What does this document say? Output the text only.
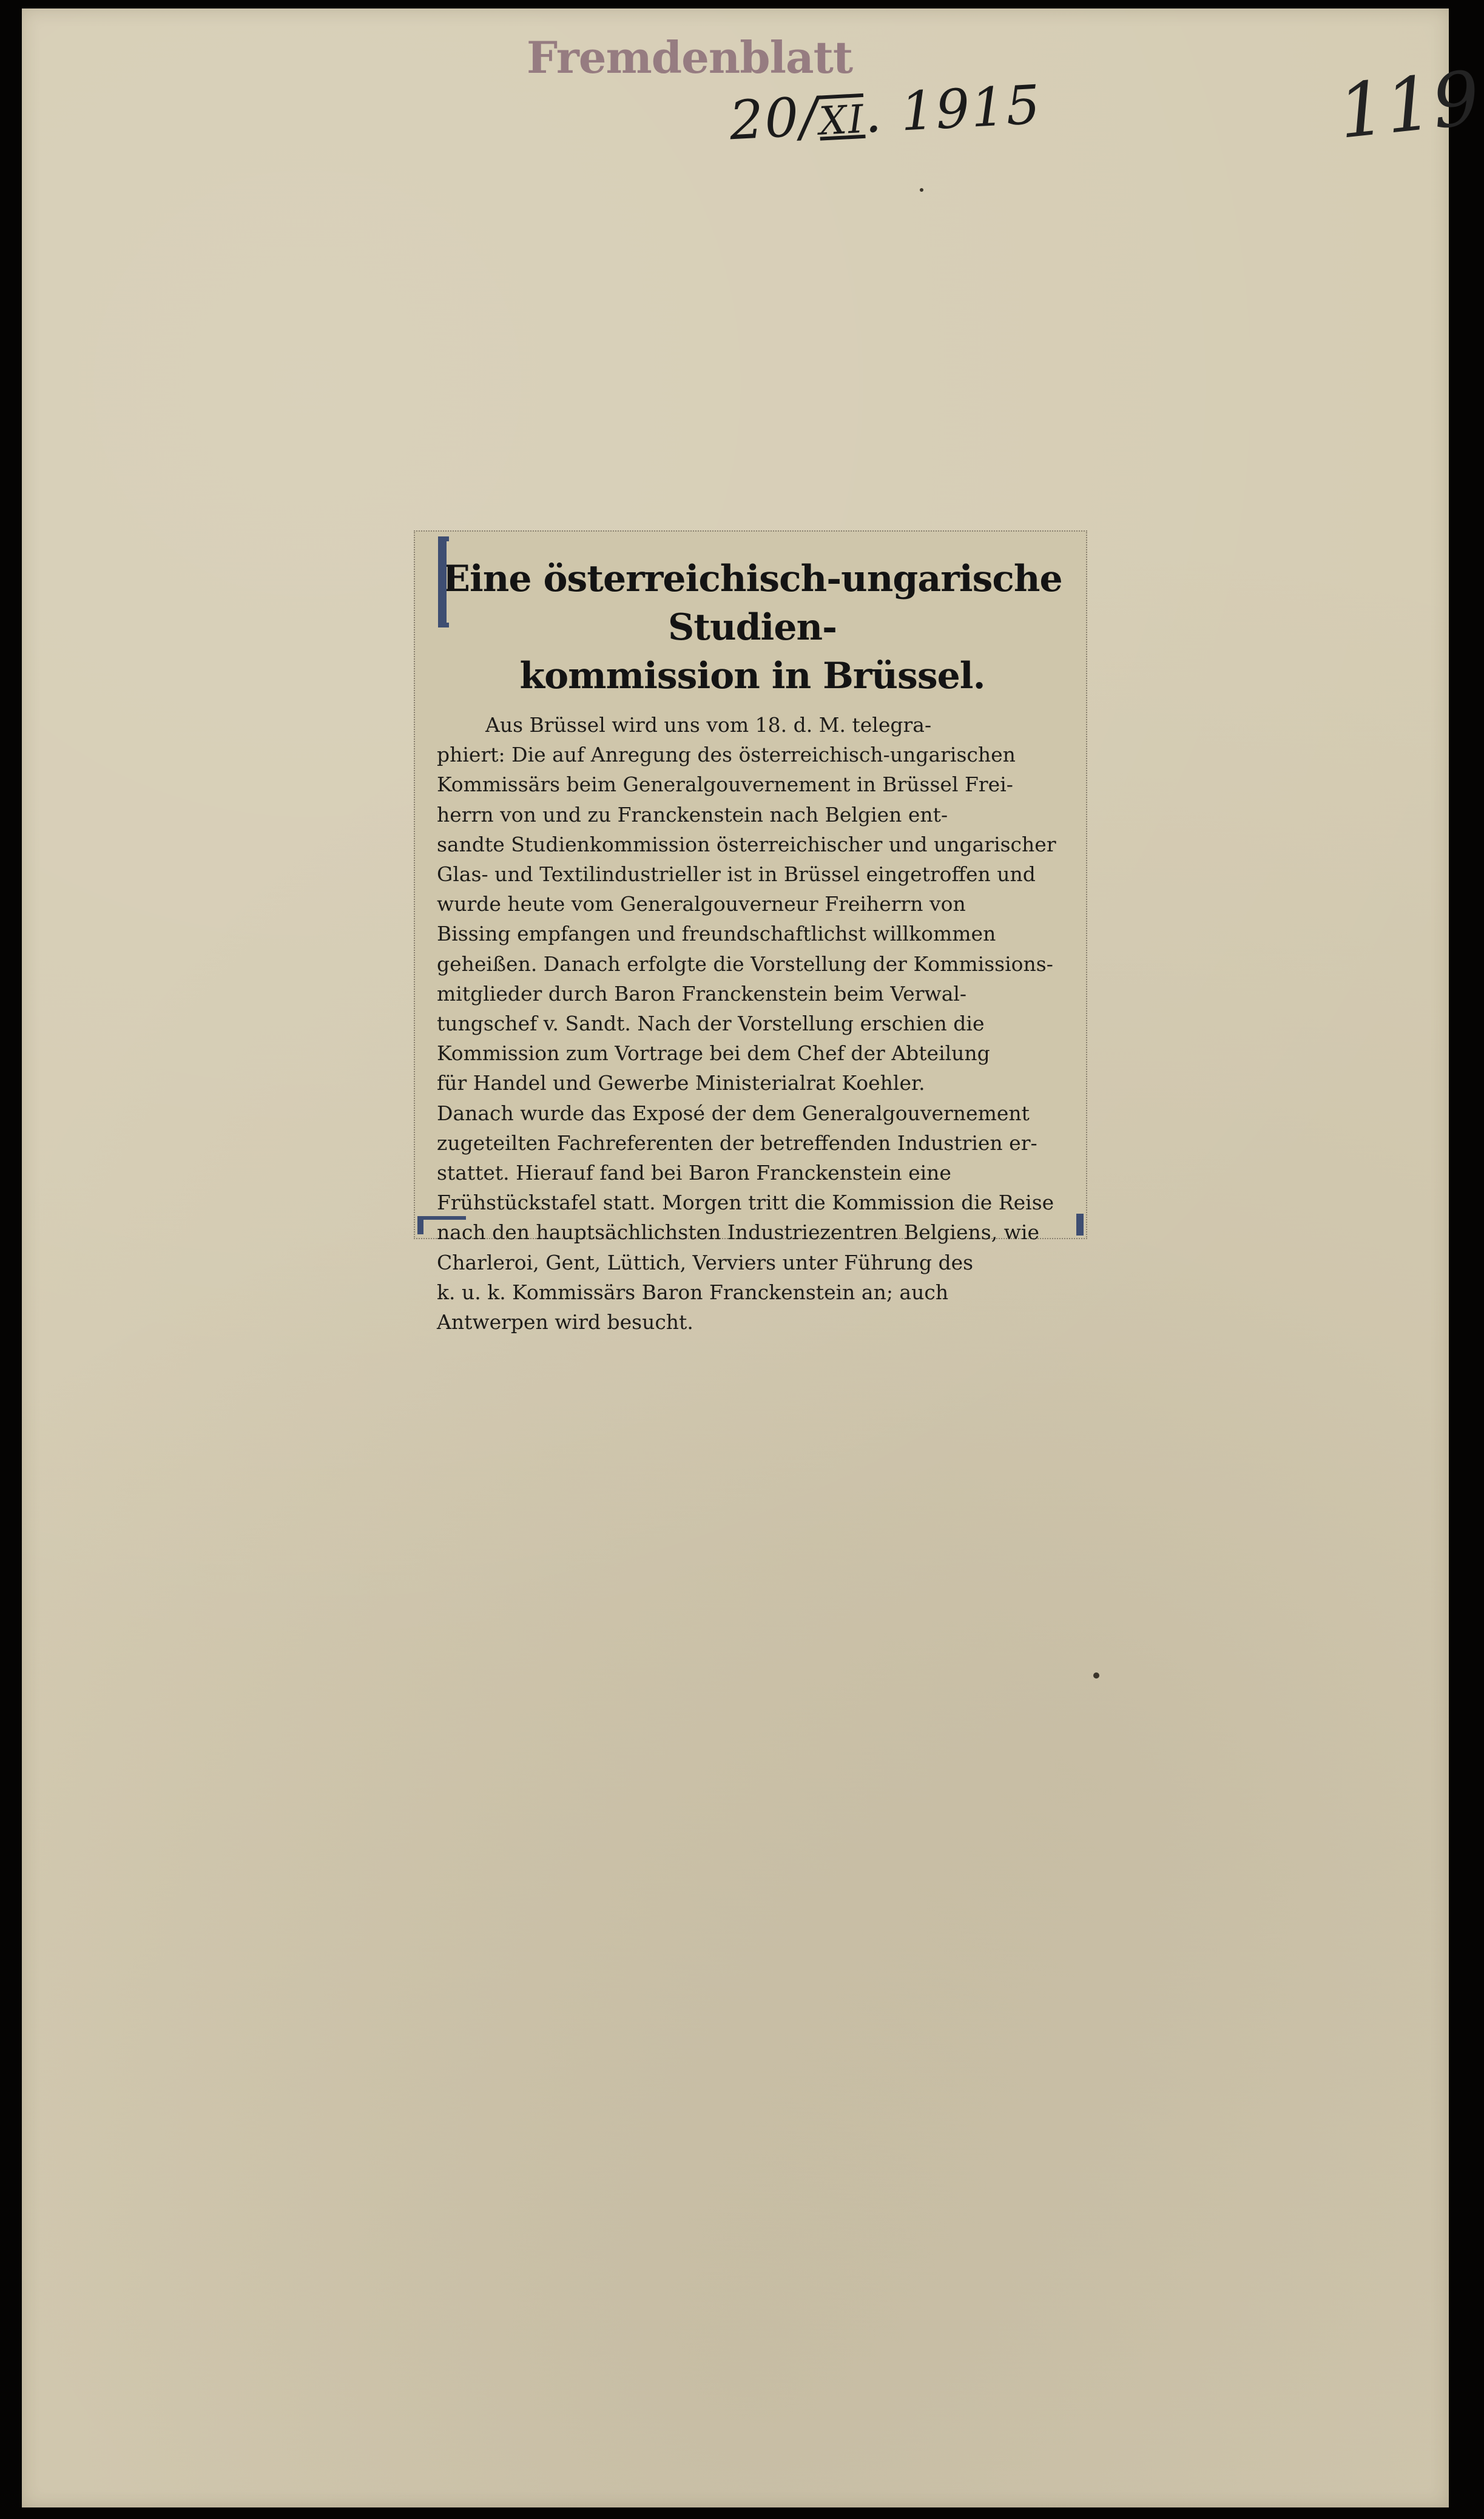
Fremdenblatt
20/XI. 1915	119
Eine österreichisch-ungarische Studien-
kommission in Brüssel.

Aus Brüssel wird uns vom 18. d. M. telegra-
phiert: Die auf Anregung des österreichisch-ungarischen
Kommissärs beim Generalgouvernement in Brüssel Frei-
herrn von und zu Franckenstein nach Belgien ent-
sandte Studienkommission österreichischer und ungarischer
Glas- und Textilindustrieller ist in Brüssel eingetroffen und
wurde heute vom Generalgouverneur Freiherrn von
Bissing empfangen und freundschaftlichst willkommen
geheißen. Danach erfolgte die Vorstellung der Kommissions-
mitglieder durch Baron Franckenstein beim Verwal-
tungschef v. Sandt. Nach der Vorstellung erschien die
Kommission zum Vortrage bei dem Chef der Abteilung
für Handel und Gewerbe Ministerialrat Koehler.
Danach wurde das Exposé der dem Generalgouvernement
zugeteilten Fachreferenten der betreffenden Industrien er-
stattet. Hierauf fand bei Baron Franckenstein eine
Frühstückstafel statt. Morgen tritt die Kommission die Reise
nach den hauptsächlichsten Industriezentren Belgiens, wie
Charleroi, Gent, Lüttich, Verviers unter Führung des
k. u. k. Kommissärs Baron Franckenstein an; auch
Antwerpen wird besucht.
